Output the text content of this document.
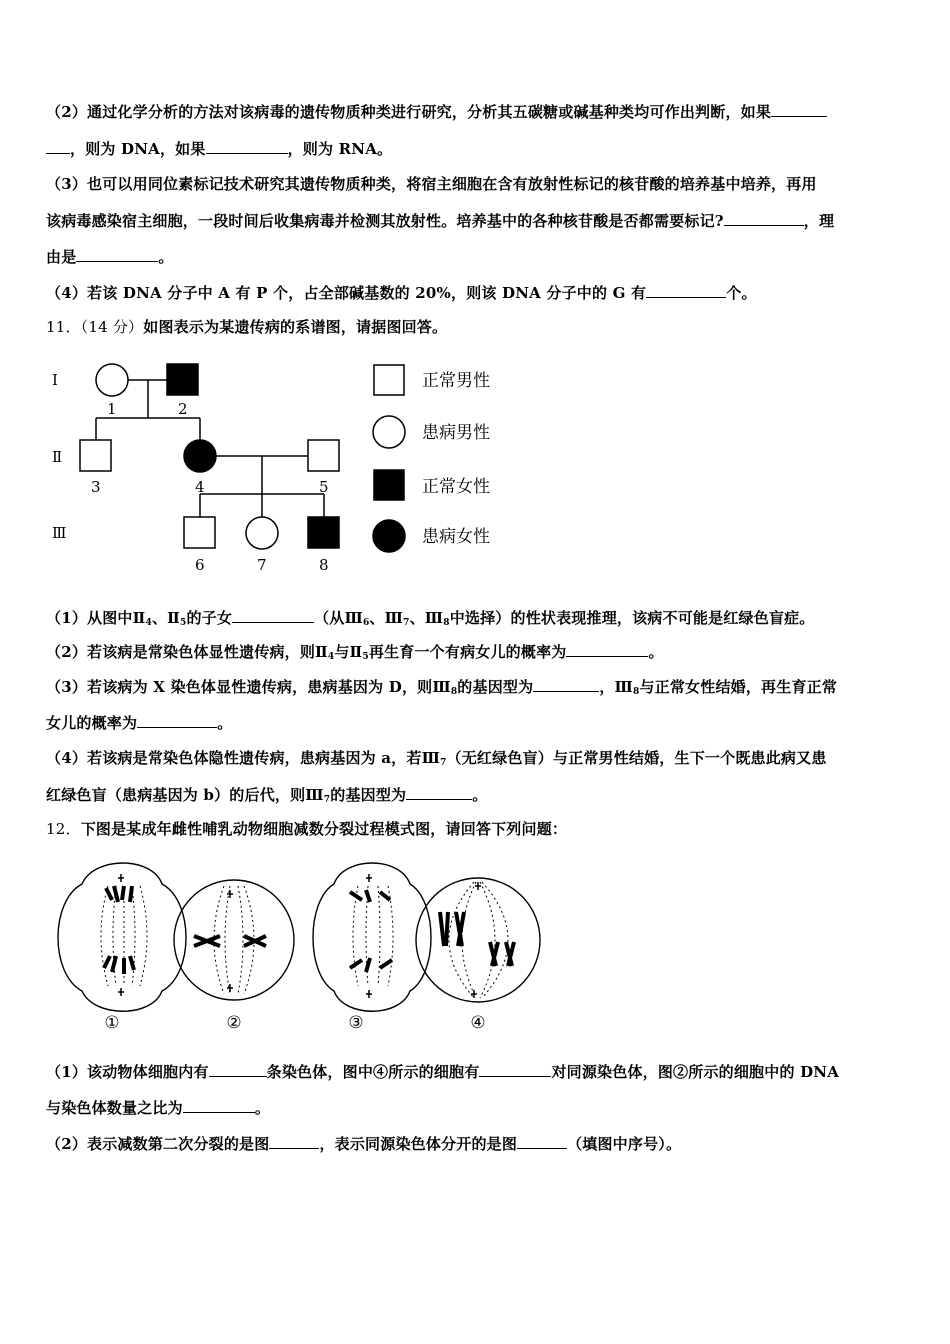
（2）通过化学分析的方法对该病毒的遗传物质种类进行研究，分析其五碳糖或碱基种类均可作出判断，如果
，则为 DNA，如果	，则为 RNA。
（3）也可以用同位素标记技术研究其遗传物质种类，将宿主细胞在含有放射性标记的核苷酸的培养基中培养，再用
该病毒感染宿主细胞，一段时间后收集病毒并检测其放射性。培养基中的各种核苷酸是否都需要标记?	，理
由是	。
（4）若该 DNA 分子中 A 有 P 个，占全部碱基数的 20%，则该 DNA 分子中的 G 有	个。
11．（14 分）如图表示为某遗传病的系谱图，请据图回答。
Ⅰ
Ⅱ
Ⅲ
1	2
3	4	5
6	7	8
正常男性
患病男性
正常女性
患病女性
（1）从图中$Ⅱ_4$、$Ⅱ_5$的子女	（从$Ⅲ_6$、$Ⅲ_7$、$Ⅲ_8$中选择）的性状表现推理，该病不可能是红绿色盲症。
（2）若该病是常染色体显性遗传病，则$Ⅱ_4$与$Ⅱ_5$再生育一个有病女儿的概率为	。
（3）若该病为 X 染色体显性遗传病，患病基因为 D，则$Ⅲ_8$的基因型为	，$Ⅲ_8$与正常女性结婚，再生育正常
女儿的概率为	。
（4）若该病是常染色体隐性遗传病，患病基因为 a，若$Ⅲ_7$（无红绿色盲）与正常男性结婚，生下一个既患此病又患
红绿色盲（患病基因为 b）的后代，则$Ⅲ_7$的基因型为	。
12．下图是某成年雌性哺乳动物细胞减数分裂过程模式图，请回答下列问题：
①	②	③	④
（1）该动物体细胞内有	条染色体，图中④所示的细胞有	对同源染色体，图②所示的细胞中的 DNA
与染色体数量之比为	。
（2）表示减数第二次分裂的是图	，表示同源染色体分开的是图	（填图中序号）。
